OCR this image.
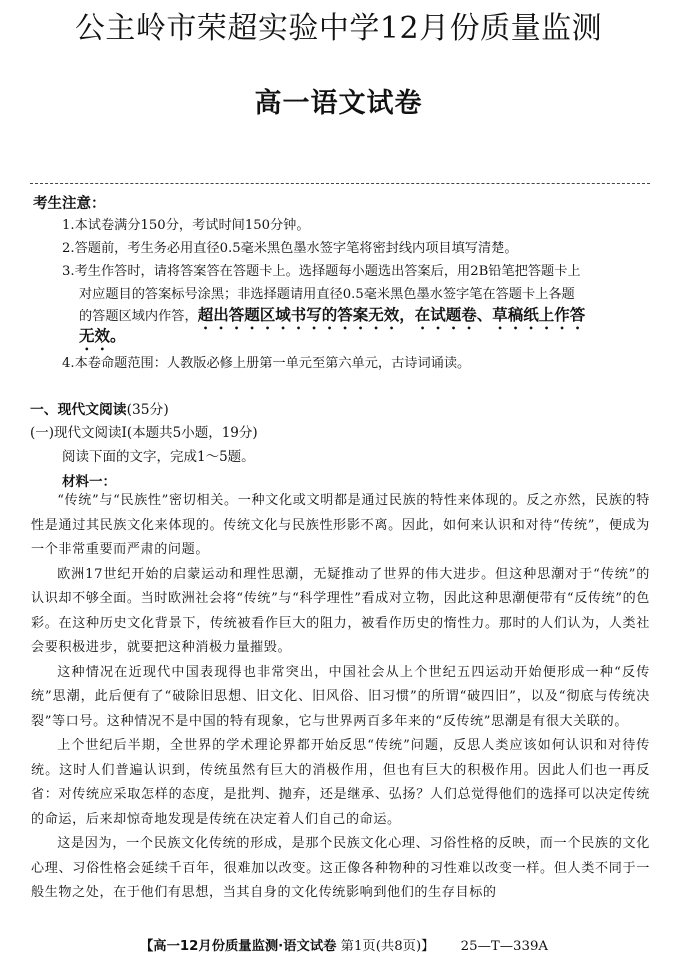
公主岭市荣超实验中学12月份质量监测
高一语文试卷
考生注意：
1.本试卷满分150分，考试时间150分钟。
2.答题前，考生务必用直径0.5毫米黑色墨水签字笔将密封线内项目填写清楚。
3.考生作答时，请将答案答在答题卡上。选择题每小题选出答案后，用2B铅笔把答题卡上
对应题目的答案标号涂黑；非选择题请用直径0.5毫米黑色墨水签字笔在答题卡上各题
的答题区域内作答，超出答题区域书写的答案无效，在试题卷、草稿纸上作答
无效。
4.本卷命题范围：人教版必修上册第一单元至第六单元，古诗词诵读。
一、现代文阅读(35分)
(一)现代文阅读Ⅰ(本题共5小题，19分)
阅读下面的文字，完成1～5题。
材料一：

“传统”与“民族性”密切相关。一种文化或文明都是通过民族的特性来体现的。反之亦然，民族的特性是通过其民族文化来体现的。传统文化与民族性形影不离。因此，如何来认识和对待“传统”，便成为一个非常重要而严肃的问题。

欧洲17世纪开始的启蒙运动和理性思潮，无疑推动了世界的伟大进步。但这种思潮对于“传统”的认识却不够全面。当时欧洲社会将“传统”与“科学理性”看成对立物，因此这种思潮便带有“反传统”的色彩。在这种历史文化背景下，传统被看作巨大的阻力，被看作历史的惰性力。那时的人们认为，人类社会要积极进步，就要把这种消极力量摧毁。

这种情况在近现代中国表现得也非常突出，中国社会从上个世纪五四运动开始便形成一种“反传统”思潮，此后便有了“破除旧思想、旧文化、旧风俗、旧习惯”的所谓“破四旧”，以及“彻底与传统决裂”等口号。这种情况不是中国的特有现象，它与世界两百多年来的“反传统”思潮是有很大关联的。

上个世纪后半期，全世界的学术理论界都开始反思“传统”问题，反思人类应该如何认识和对待传统。这时人们普遍认识到，传统虽然有巨大的消极作用，但也有巨大的积极作用。因此人们也一再反省：对传统应采取怎样的态度，是批判、抛弃，还是继承、弘扬？人们总觉得他们的选择可以决定传统的命运，后来却惊奇地发现是传统在决定着人们自己的命运。

这是因为，一个民族文化传统的形成，是那个民族文化心理、习俗性格的反映，而一个民族的文化心理、习俗性格会延续千百年，很难加以改变。这正像各种物种的习性难以改变一样。但人类不同于一般生物之处，在于他们有思想，当其自身的文化传统影响到他们的生存目标的

【高一12月份质量监测·语文试卷 第1页(共8页)】 25—T—339A
